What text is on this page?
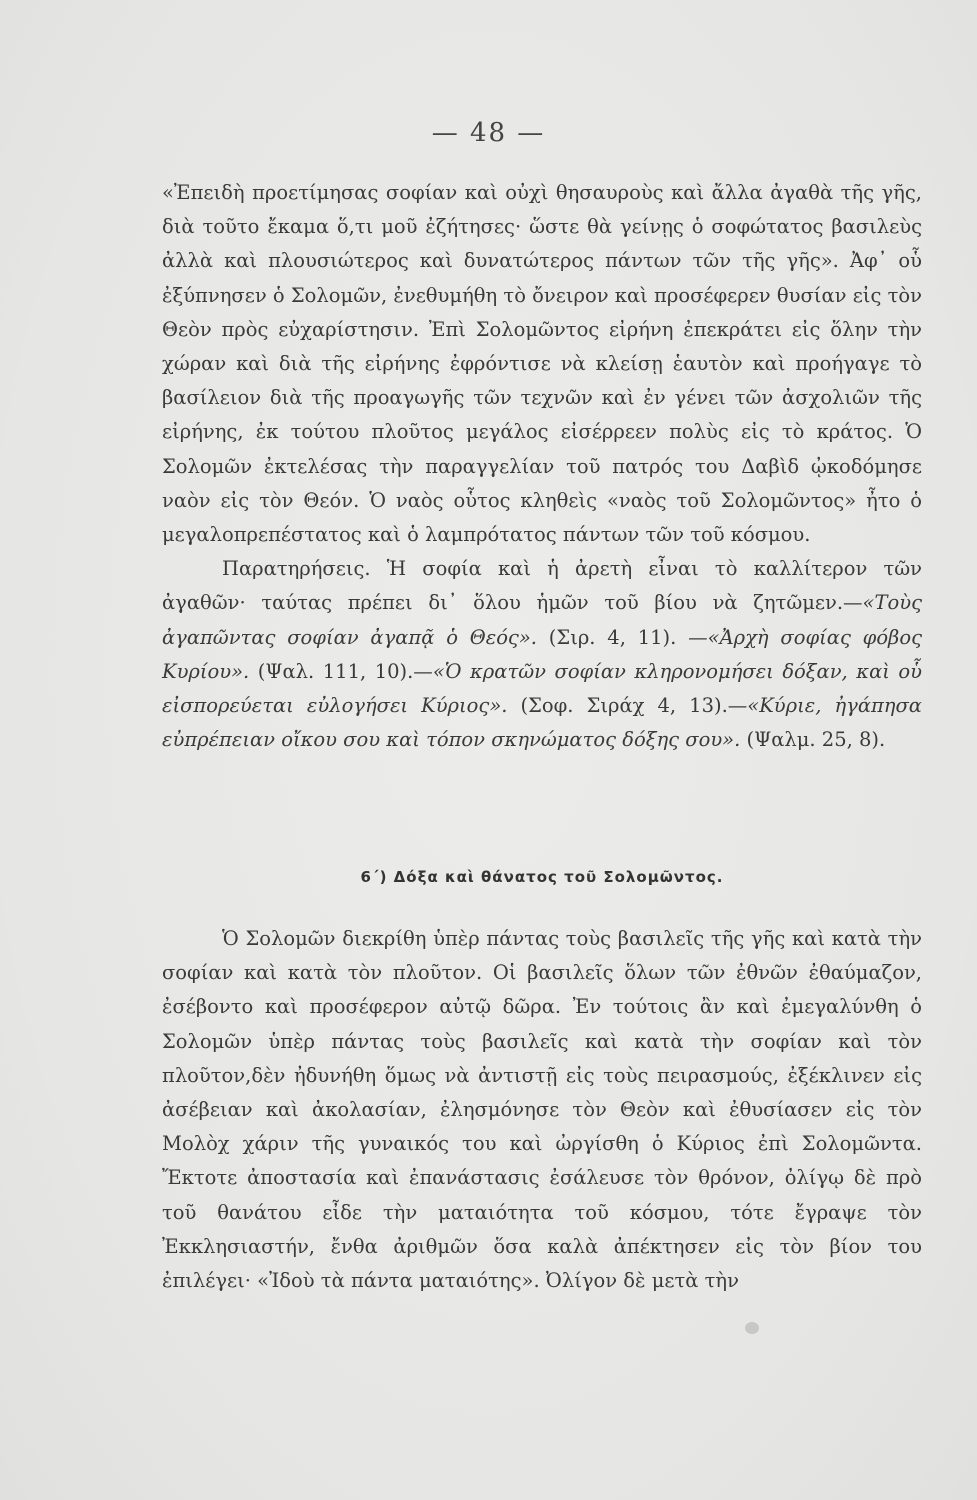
— 48 —

«Ἐπειδὴ προετίμησας σοφίαν καὶ οὐχὶ θησαυροὺς καὶ ἄλλα ἀγαθὰ τῆς γῆς, διὰ τοῦτο ἔκαμα ὅ,τι μοῦ ἐζήτησες· ὥστε θὰ γείνῃς ὁ σοφώτατος βασιλεὺς ἀλλὰ καὶ πλουσιώτερος καὶ δυνατώτερος πάντων τῶν τῆς γῆς». Ἀφ᾽ οὗ ἐξύπνησεν ὁ Σολομῶν, ἐνεθυμήθη τὸ ὄνειρον καὶ προσέφερεν θυσίαν εἰς τὸν Θεὸν πρὸς εὐχαρίστησιν. Ἐπὶ Σολομῶντος εἰρήνη ἐπεκράτει εἰς ὅλην τὴν χώραν καὶ διὰ τῆς εἰρήνης ἐφρόντισε νὰ κλείσῃ ἑαυτὸν καὶ προήγαγε τὸ βασίλειον διὰ τῆς προαγωγῆς τῶν τεχνῶν καὶ ἐν γένει τῶν ἀσχολιῶν τῆς εἰρήνης, ἐκ τούτου πλοῦτος μεγάλος εἰσέρρεεν πολὺς εἰς τὸ κράτος. Ὁ Σολομῶν ἐκτελέσας τὴν παραγγελίαν τοῦ πατρός του Δαβὶδ ᾠκοδόμησε ναὸν εἰς τὸν Θεόν. Ὁ ναὸς οὗτος κληθεὶς «ναὸς τοῦ Σολομῶντος» ἦτο ὁ μεγαλοπρεπέστατος καὶ ὁ λαμπρότατος πάντων τῶν τοῦ κόσμου.

Παρατηρήσεις. Ἡ σοφία καὶ ἡ ἀρετὴ εἶναι τὸ καλλίτερον τῶν ἀγαθῶν· ταύτας πρέπει δι᾽ ὅλου ἡμῶν τοῦ βίου νὰ ζητῶμεν.—«Τοὺς ἀγαπῶντας σοφίαν ἀγαπᾷ ὁ Θεός». (Σιρ. 4, 11). —«Ἀρχὴ σοφίας φόβος Κυρίου». (Ψαλ. 111, 10).—«Ὁ κρατῶν σοφίαν κληρονομήσει δόξαν, καὶ οὗ εἰσπορεύεται εὐλογήσει Κύριος». (Σοφ. Σιράχ 4, 13).—«Κύριε, ἠγάπησα εὐπρέπειαν οἴκου σου καὶ τόπον σκηνώματος δόξης σου». (Ψαλμ. 25, 8).

6΄) Δόξα καὶ θάνατος τοῦ Σολομῶντος.

Ὁ Σολομῶν διεκρίθη ὑπὲρ πάντας τοὺς βασιλεῖς τῆς γῆς καὶ κατὰ τὴν σοφίαν καὶ κατὰ τὸν πλοῦτον. Οἱ βασιλεῖς ὅλων τῶν ἐθνῶν ἐθαύμαζον, ἐσέβοντο καὶ προσέφερον αὐτῷ δῶρα. Ἐν τούτοις ἂν καὶ ἐμεγαλύνθη ὁ Σολομῶν ὑπὲρ πάντας τοὺς βασιλεῖς καὶ κατὰ τὴν σοφίαν καὶ τὸν πλοῦτον,δὲν ἠδυνήθη ὅμως νὰ ἀντιστῇ εἰς τοὺς πειρασμούς, ἐξέκλινεν εἰς ἀσέβειαν καὶ ἀκολασίαν, ἐλησμόνησε τὸν Θεὸν καὶ ἐθυσίασεν εἰς τὸν Μολὸχ χάριν τῆς γυναικός του καὶ ὠργίσθη ὁ Κύριος ἐπὶ Σολομῶντα. Ἔκτοτε ἀποστασία καὶ ἐπανάστασις ἐσάλευσε τὸν θρόνον, ὀλίγῳ δὲ πρὸ τοῦ θανάτου εἶδε τὴν ματαιότητα τοῦ κόσμου, τότε ἔγραψε τὸν Ἐκκλησιαστήν, ἔνθα ἀριθμῶν ὅσα καλὰ ἀπέκτησεν εἰς τὸν βίον του ἐπιλέγει· «Ἰδοὺ τὰ πάντα ματαιότης». Ὀλίγον δὲ μετὰ τὴν
